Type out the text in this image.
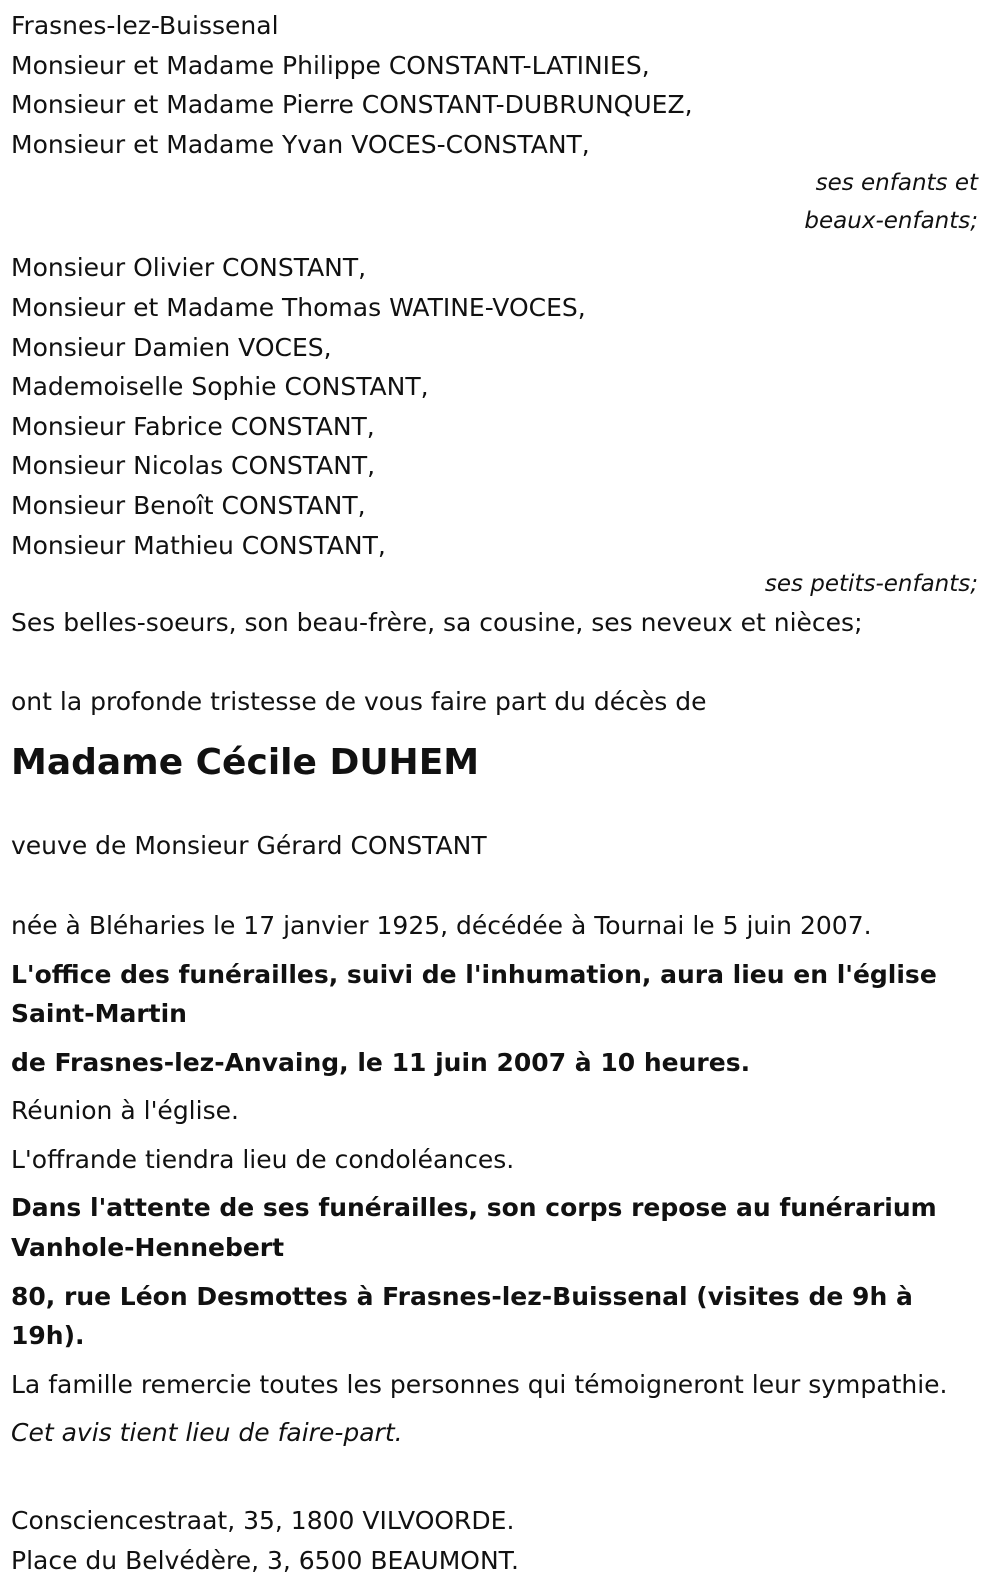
Frasnes-lez-Buissenal
Monsieur et Madame Philippe CONSTANT-LATINIES,
Monsieur et Madame Pierre CONSTANT-DUBRUNQUEZ,
Monsieur et Madame Yvan VOCES-CONSTANT,
ses enfants et
beaux-enfants;
Monsieur Olivier CONSTANT,
Monsieur et Madame Thomas WATINE-VOCES,
Monsieur Damien VOCES,
Mademoiselle Sophie CONSTANT,
Monsieur Fabrice CONSTANT,
Monsieur Nicolas CONSTANT,
Monsieur Benoît CONSTANT,
Monsieur Mathieu CONSTANT,
ses petits-enfants;
Ses belles-soeurs, son beau-frère, sa cousine, ses neveux et nièces;
ont la profonde tristesse de vous faire part du décès de
Madame Cécile DUHEM
veuve de Monsieur Gérard CONSTANT
née à Bléharies le 17 janvier 1925, décédée à Tournai le 5 juin 2007.
L'office des funérailles, suivi de l'inhumation, aura lieu en l'église Saint-Martin
de Frasnes-lez-Anvaing, le 11 juin 2007 à 10 heures.
Réunion à l'église.
L'offrande tiendra lieu de condoléances.
Dans l'attente de ses funérailles, son corps repose au funérarium Vanhole-Hennebert
80, rue Léon Desmottes à Frasnes-lez-Buissenal (visites de 9h à 19h).
La famille remercie toutes les personnes qui témoigneront leur sympathie.
Cet avis tient lieu de faire-part.
Consciencestraat, 35, 1800 VILVOORDE.
Place du Belvédère, 3, 6500 BEAUMONT.
